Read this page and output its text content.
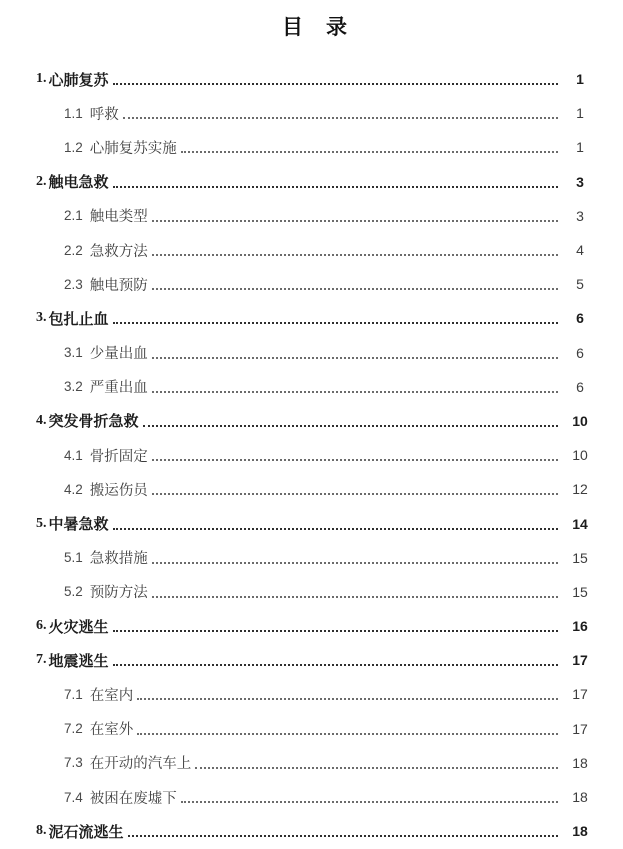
目　录
1. 心肺复苏	1
1.1 呼救	1
1.2 心肺复苏实施	1
2. 触电急救	3
2.1 触电类型	3
2.2 急救方法	4
2.3 触电预防	5
3. 包扎止血	6
3.1 少量出血	6
3.2 严重出血	6
4. 突发骨折急救	10
4.1 骨折固定	10
4.2 搬运伤员	12
5. 中暑急救	14
5.1 急救措施	15
5.2 预防方法	15
6. 火灾逃生	16
7. 地震逃生	17
7.1 在室内	17
7.2 在室外	17
7.3 在开动的汽车上	18
7.4 被困在废墟下	18
8. 泥石流逃生	18
